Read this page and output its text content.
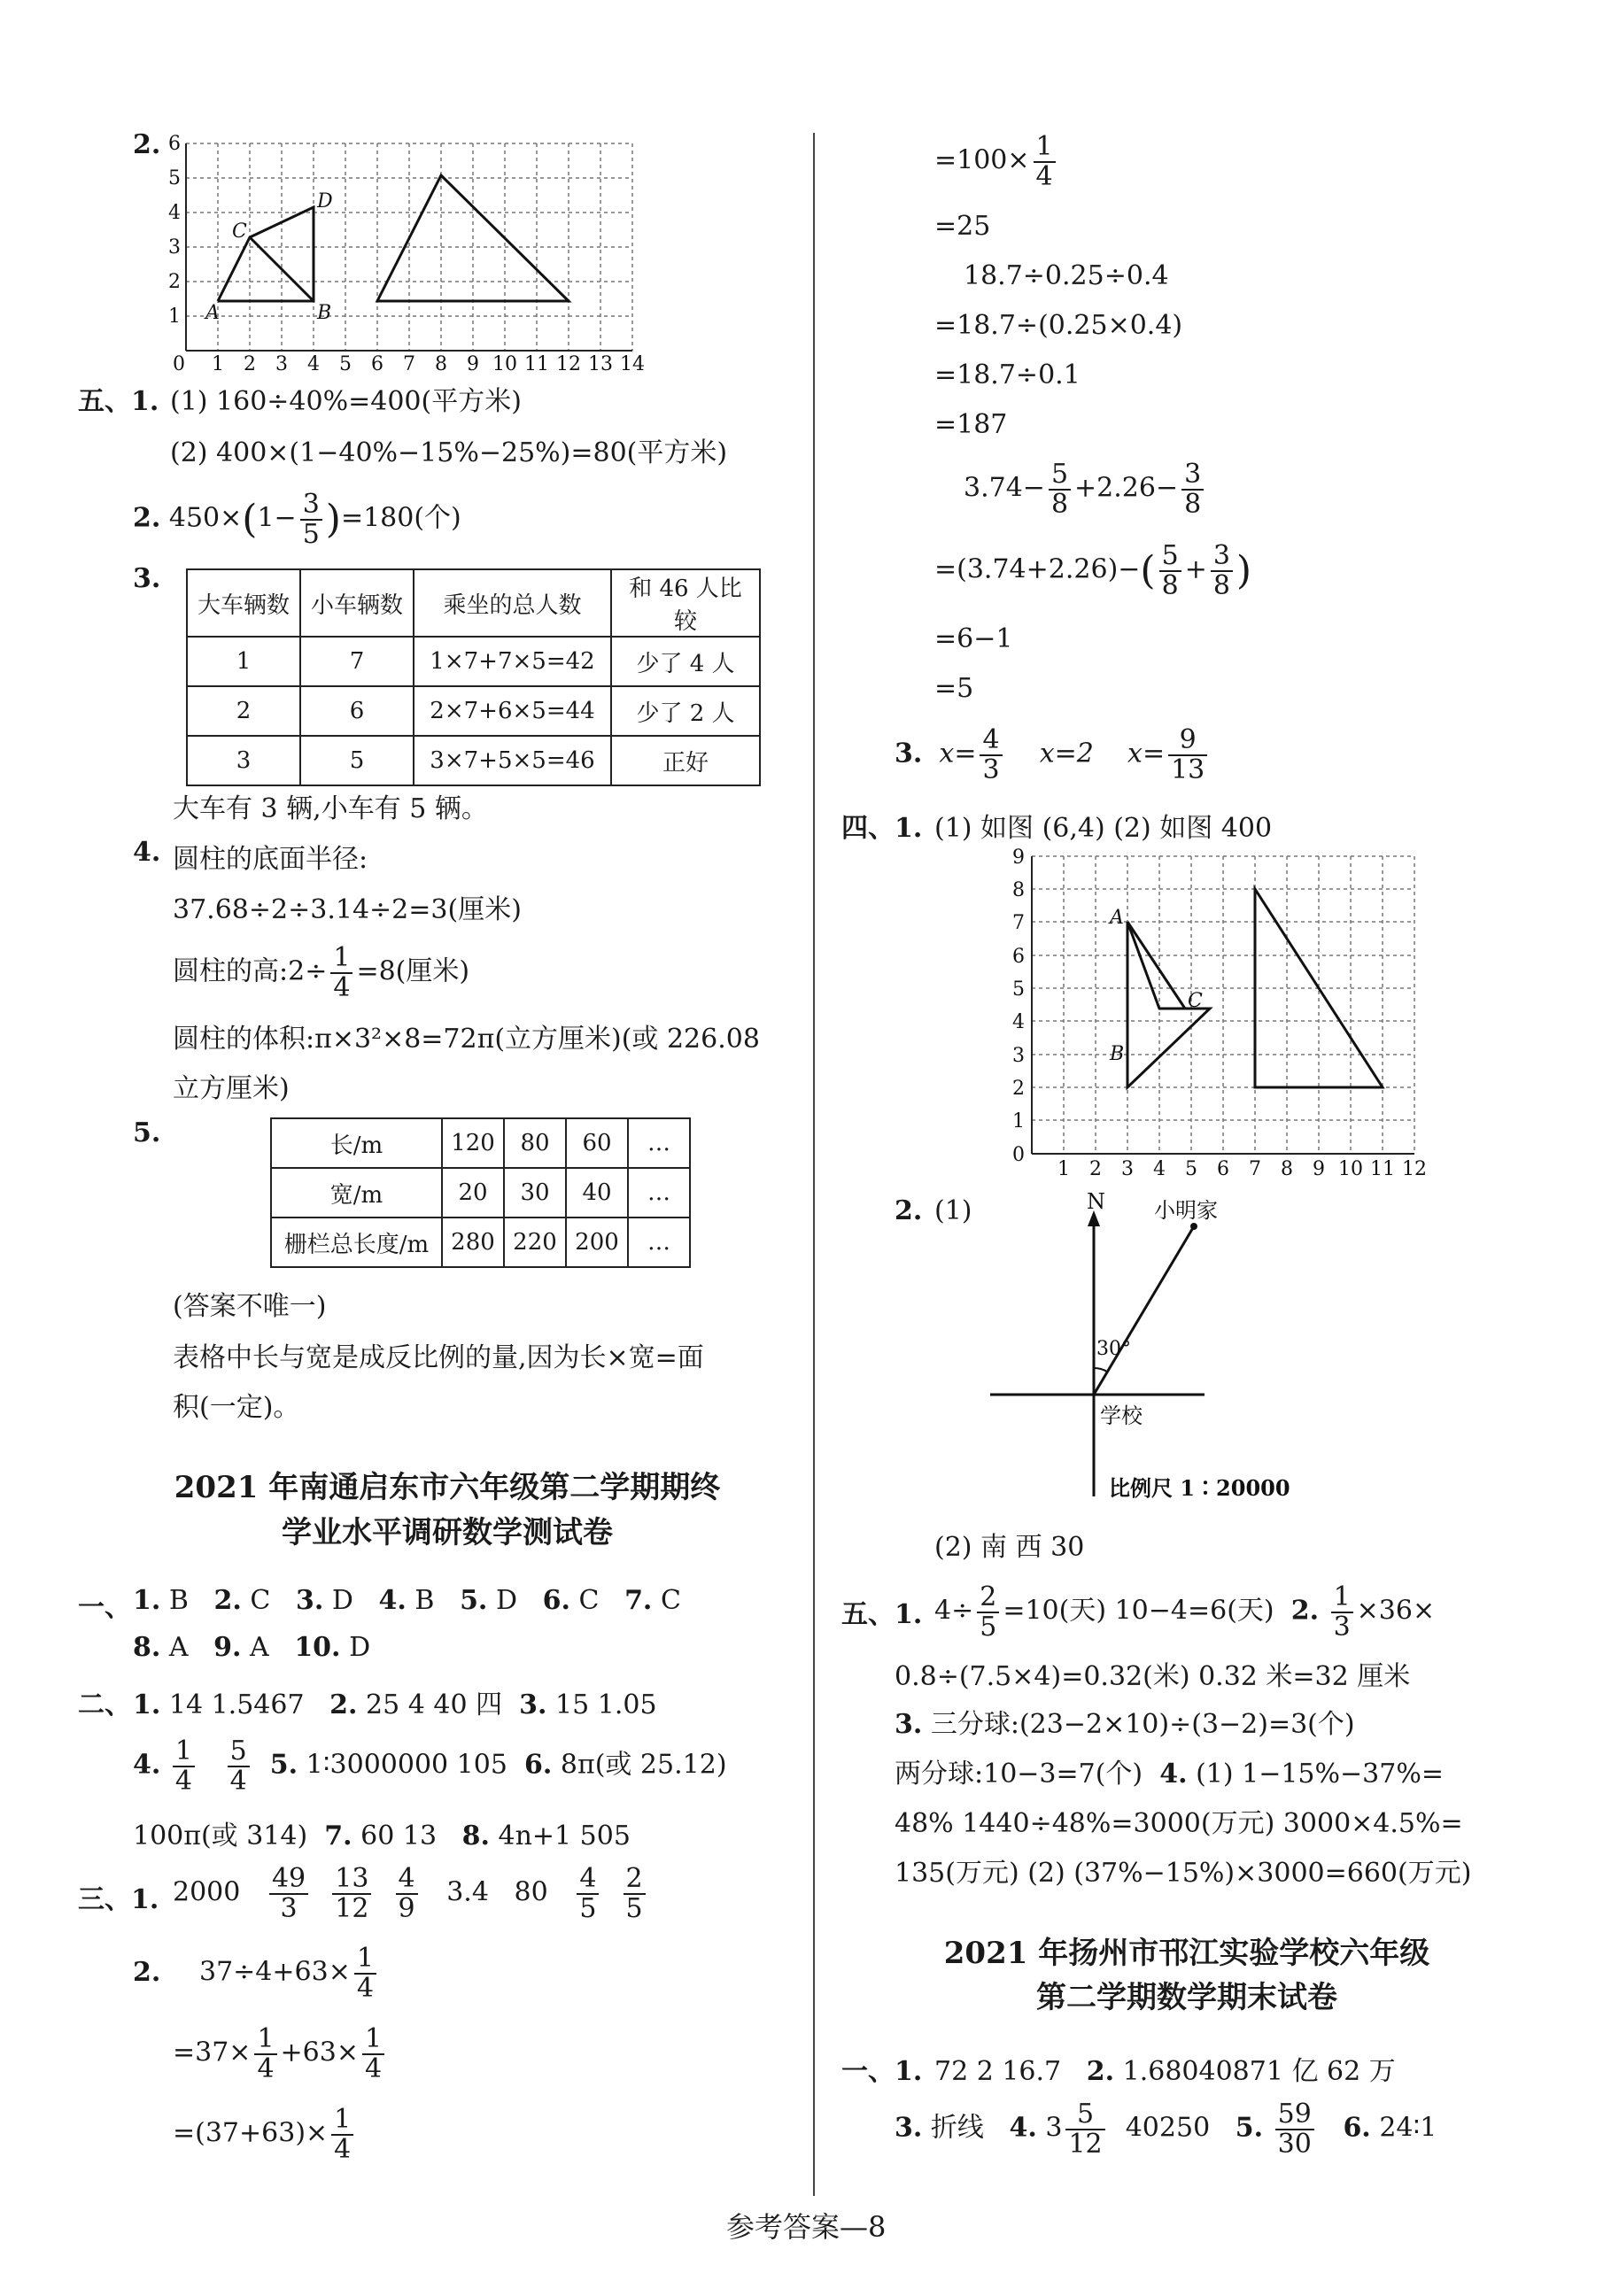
2.
A	B
C
D
0 1 2 3 4 5 6 7 8 9 10 11 12 13 14
1
2
3
4
5
6
五、1. (1) 160÷40%=400(平方米)
(2) 400×(1−40%−15%−25%)=80(平方米)
2. $450\times(1- \frac{3}{5} )=180$(个)
3.
大车辆数	小车辆数	乘坐的总人数	和 46 人比较
1	7	1×7+7×5=42	少了 4 人
2	6	2×7+6×5=44	少了 2 人
3	5	3×7+5×5=46	正好
大车有 3 辆,小车有 5 辆。
4. 圆柱的底面半径:
37.68÷2÷3.14÷2=3(厘米)
圆柱的高:2÷ $\frac{1}{4} =8$(厘米)
圆柱的体积:π×3²×8=72π(立方厘米)(或 226.08
立方厘米)
5.	长/m	120	80	60	…
宽/m	20	30	40	…
栅栏总长度/m	280	220	200	…
(答案不唯一)
表格中长与宽是成反比例的量,因为长×宽=面
积(一定)。
2021 年南通启东市六年级第二学期期终
学业水平调研数学测试卷
一、 1. B 2. C 3. D 4. B 5. D 6. C 7. C
8. A 9. A 10. D
二、 1. 14 1.5467 2. 25 4 40 四 3. 15 1.05
4. $\frac{1}{4}$
$\frac{5}{4} 5$. 1∶3000000 105 6. 8π(或 25.12)
100π(或 314) 7. 60 13 8. 4n+1 505
三、1. $2000 \frac{49}{3}$
$\frac{13}{12}$
$\frac{4}{9} 3.4$ $80 \frac{4}{5}$
$\frac{2}{5}$
2. $37\div 4+63\times \frac{1}{4}$
$=37\times \frac{1}{4} +63\times \frac{1}{4}$
$=(37+63)\times \frac{1}{4}$
$=100\times \frac{1}{4}$
=25
18.7÷0.25÷0.4
=18.7÷(0.25×0.4)
=18.7÷0.1
=187
$3.74- \frac{5}{8} +2.26- \frac{3}{8}$
$=(3.74+2.26)-( \frac{5}{8} + \frac{3}{8}$ )
=6−1
=5
3. $x= \frac{4}{3} x=2$ $x= \frac{9}{13}$
四、1. (1) 如图 (6,4) (2) 如图 400
A
B
C
1 2 3 4 5 6 7 8 9 10 11 12
0
1
2
3
4
5
6
7
8
9
2. (1)	N 小明家
30°
学校
比例尺 1∶20000
(2) 南 西 30
五、1. $4\div \frac{2}{5} =10$(天) 10−4=6(天) 2. $\frac{1}{3} \times 36\times$
0.8÷(7.5×4)=0.32(米) 0.32 米=32 厘米
3. 三分球:(23−2×10)÷(3−2)=3(个)
两分球:10−3=7(个) 4. (1) 1−15%−37%=
48% 1440÷48%=3000(万元) 3000×4.5%=
135(万元) (2) (37%−15%)×3000=660(万元)
2021 年扬州市邗江实验学校六年级
第二学期数学期末试卷
一、1. 72 2 16.7 2. 1.68040871 亿 62 万
3. 折线 4. $3 \frac{5}{12} 40250$ 5. $\frac{59}{30} 6$. 24∶1
参考答案—8
